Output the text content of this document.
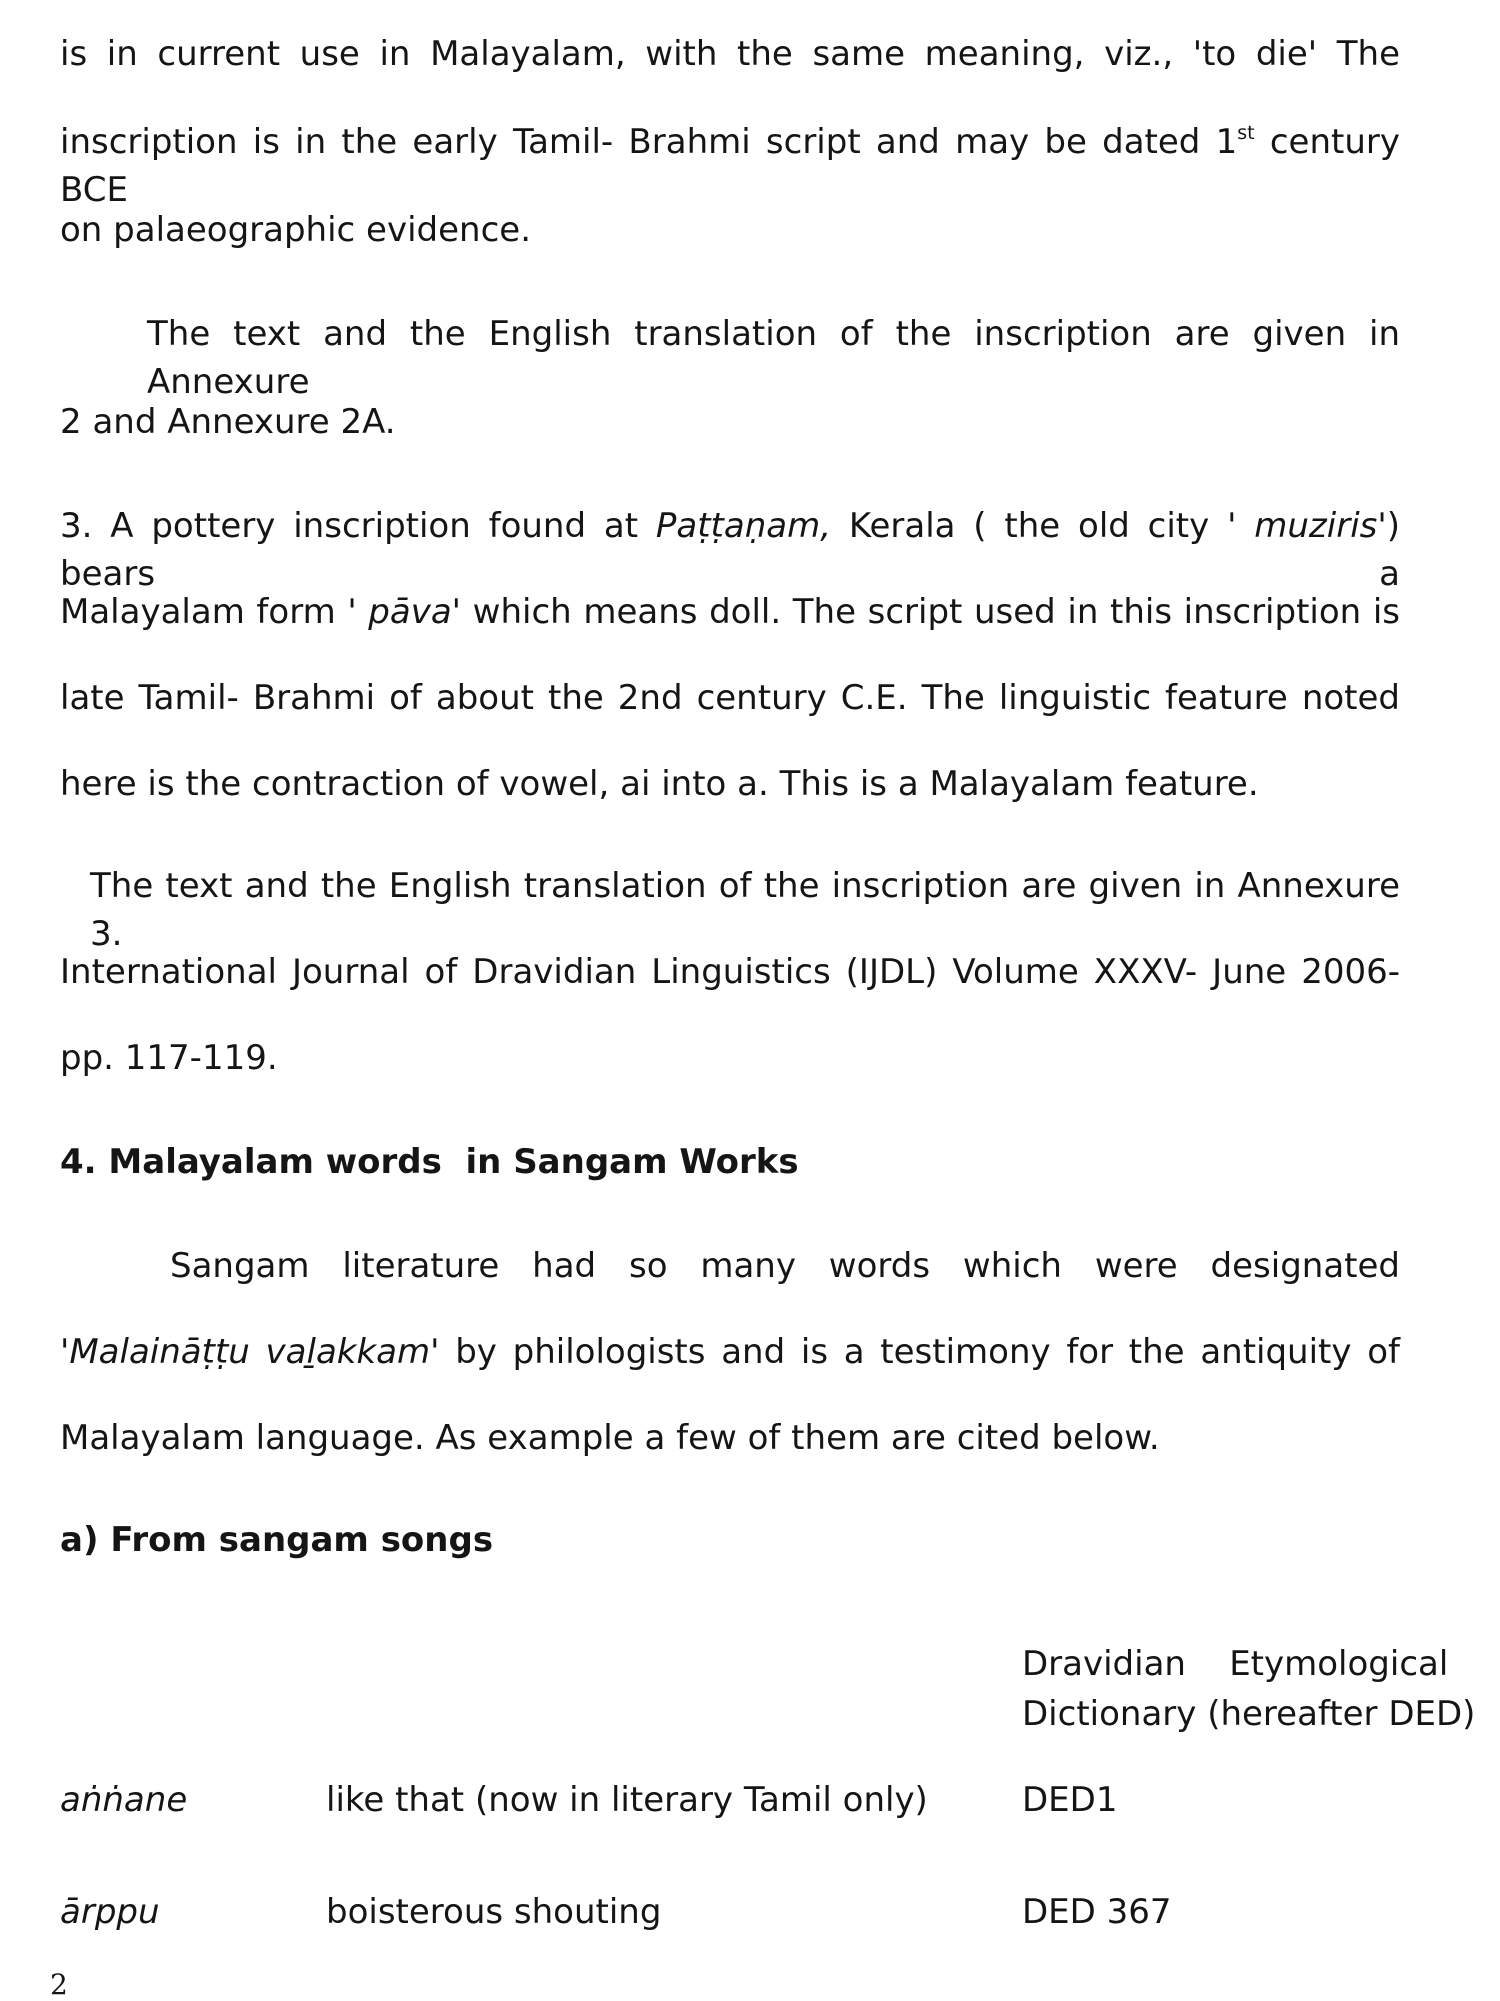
is in current use in Malayalam, with the same meaning, viz., 'to die' The

inscription is in the early Tamil- Brahmi script and may be dated 1st century BCE

on palaeographic evidence.

The text and the English translation of the inscription are given in Annexure

2 and Annexure 2A.

3. A pottery inscription found at Paṭṭaṇam, Kerala ( the old city ' muziris') bears a

Malayalam form ' pāva' which means doll. The script used in this inscription is

late Tamil- Brahmi of about the 2nd century C.E. The linguistic feature noted

here is the contraction of vowel, ai into a. This is a Malayalam feature.

The text and the English translation of the inscription are given in Annexure 3.

International Journal of Dravidian Linguistics (IJDL) Volume XXXV- June 2006-

pp. 117-119.

4. Malayalam words  in Sangam Works

Sangam literature had so many words which were designated

'Malaināṭṭu vaḻakkam' by philologists and is a testimony for the antiquity of

Malayalam language. As example a few of them are cited below.

a) From sangam songs

Dravidian    Etymological
Dictionary (hereafter DED)
aṅṅane	like that (now in literary Tamil only)	DED1
ārppu	boisterous shouting	DED 367
2
